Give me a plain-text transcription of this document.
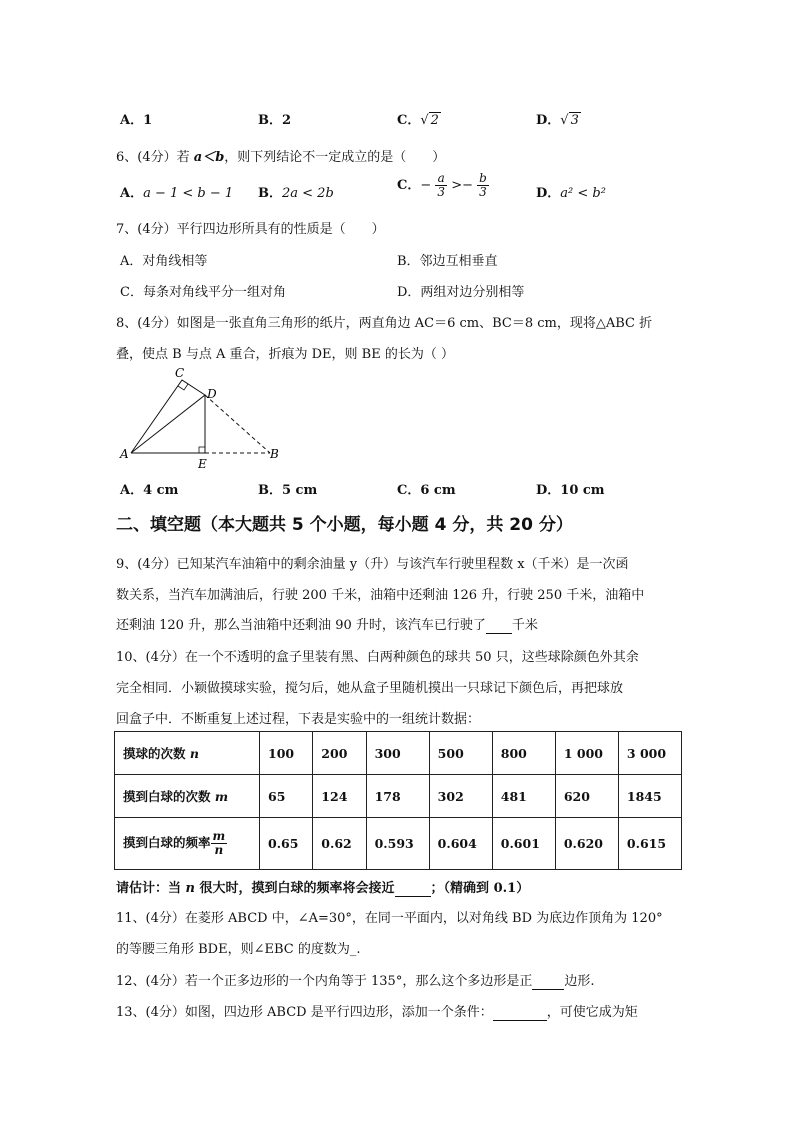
A．1	B．2	C．√ 2	D．√ 3
6、(4分）若 a＜b，则下列结论不一定成立的是（　　）
A．a − 1 < b − 1 B．2a < 2b
C．− $\frac{a}{3} >- \frac{b}{3}$	D．a² < b²
7、(4分）平行四边形所具有的性质是（　　）
A．对角线相等	B．邻边互相垂直
C．每条对角线平分一组对角	D．两组对边分别相等
8、(4分）如图是一张直角三角形的纸片，两直角边 AC＝6 cm、BC＝8 cm，现将△ABC 折
叠，使点 B 与点 A 重合，折痕为 DE，则 BE 的长为（ ）
A
C
D
E
B
A．4 cm	B．5 cm	C．6 cm	D．10 cm
二、填空题（本大题共 5 个小题，每小题 4 分，共 20 分）
9、(4分）已知某汽车油箱中的剩余油量 y（升）与该汽车行驶里程数 x（千米）是一次函
数关系，当汽车加满油后，行驶 200 千米，油箱中还剩油 126 升，行驶 250 千米，油箱中
还剩油 120 升，那么当油箱中还剩油 90 升时，该汽车已行驶了 千米
10、(4分）在一个不透明的盒子里装有黑、白两种颜色的球共 50 只，这些球除颜色外其余
完全相同．小颖做摸球实验，搅匀后，她从盒子里随机摸出一只球记下颜色后，再把球放
回盒子中．不断重复上述过程，下表是实验中的一组统计数据：
摸球的次数 n	100	200	300	500	800	1 000	3 000
摸到白球的次数 m	65	124	178	302	481	620	1845
摸到白球的频率 $\frac{m}{n}$	0.65	0.62	0.593	0.604	0.601	0.620	0.615
请估计：当 n 很大时，摸到白球的频率将会接近	；（精确到 0.1）
11、(4分）在菱形 ABCD 中，∠A=30°，在同一平面内，以对角线 BD 为底边作顶角为 120°
的等腰三角形 BDE，则∠EBC 的度数为_.
12、(4分）若一个正多边形的一个内角等于 135°，那么这个多边形是正 边形.
13、(4分）如图，四边形 ABCD 是平行四边形，添加一个条件：	，可使它成为矩
